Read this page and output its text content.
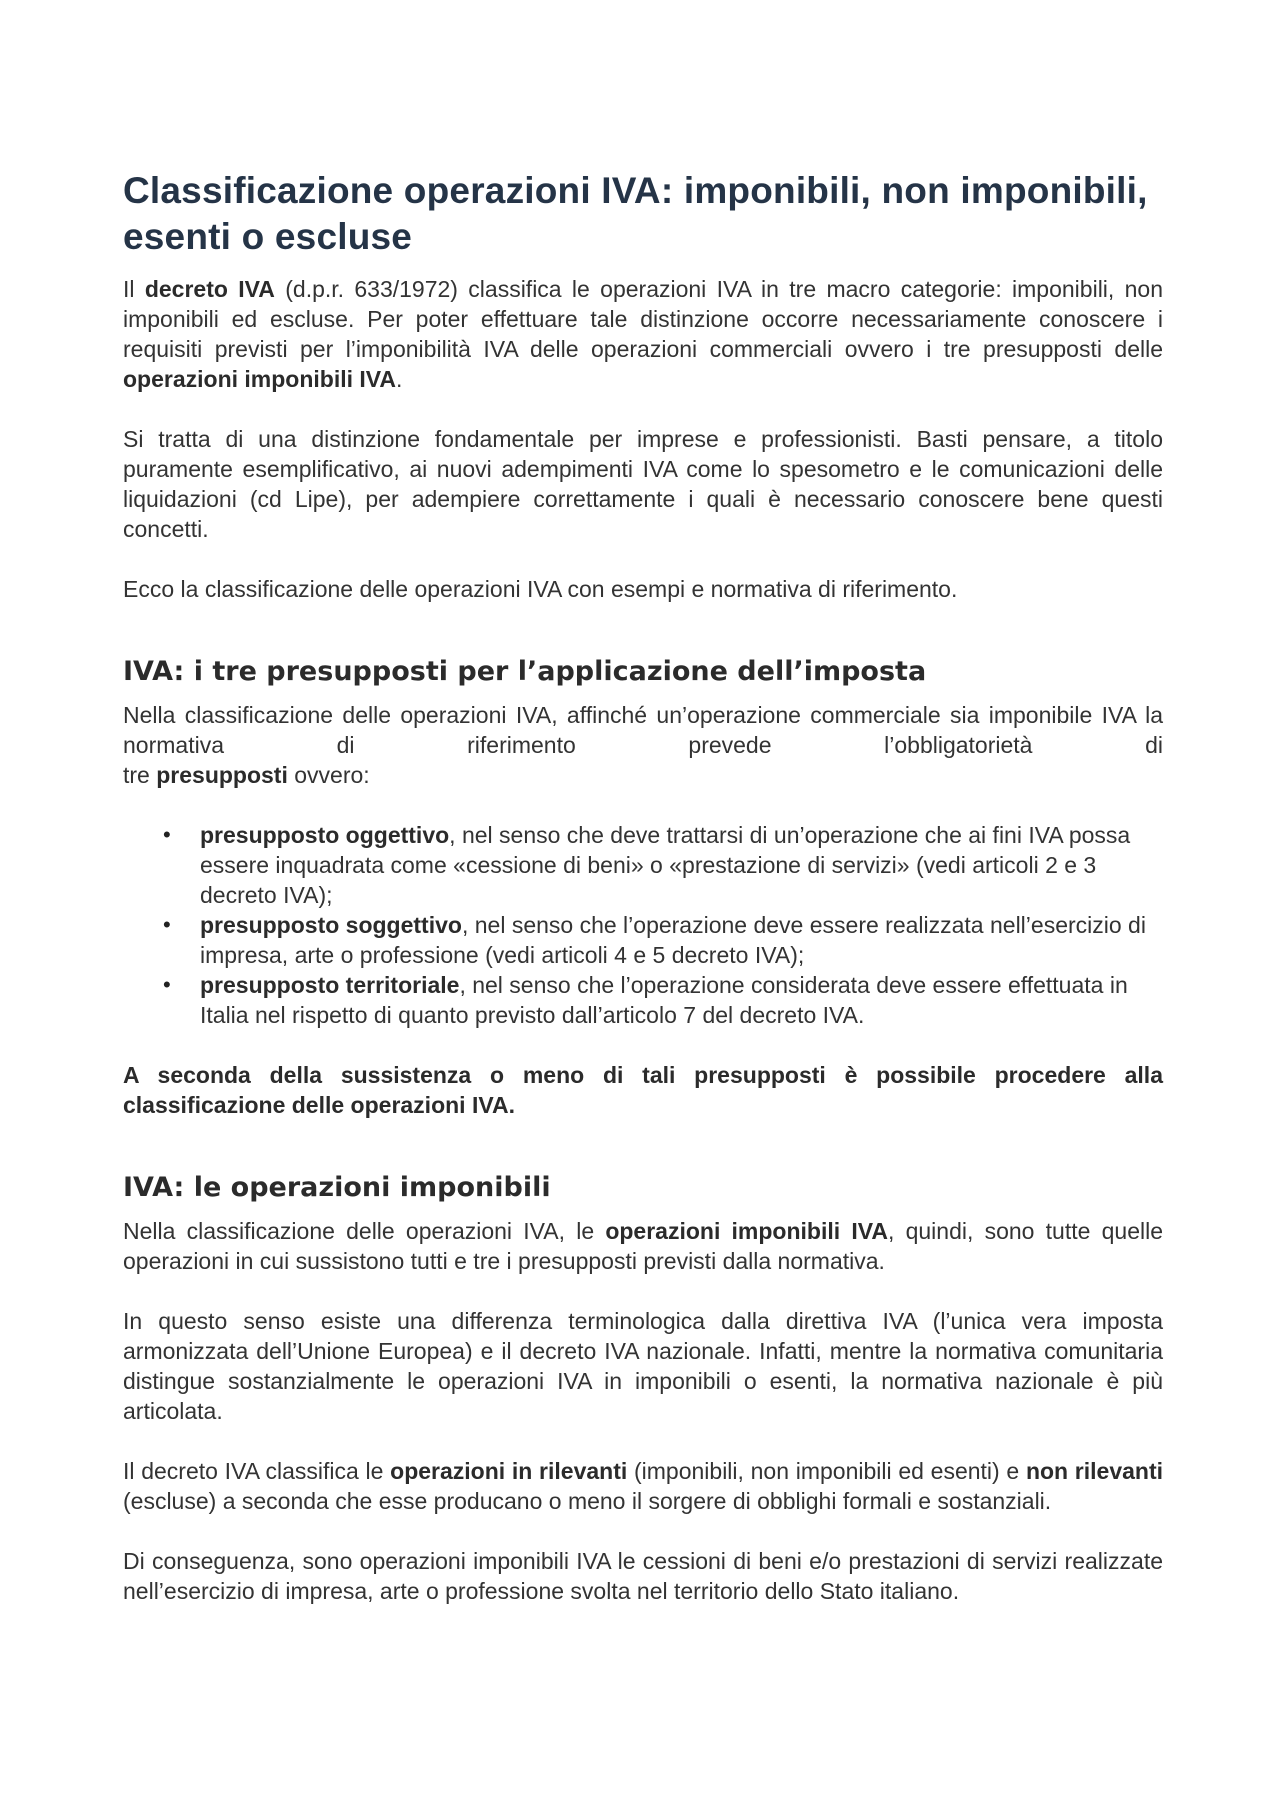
Classificazione operazioni IVA: imponibili, non imponibili, esenti o escluse

Il decreto IVA (d.p.r. 633/1972) classifica le operazioni IVA in tre macro categorie: imponibili, non imponibili ed escluse. Per poter effettuare tale distinzione occorre necessariamente conoscere i requisiti previsti per l’imponibilità IVA delle operazioni commerciali ovvero i tre presupposti delle operazioni imponibili IVA.

Si tratta di una distinzione fondamentale per imprese e professionisti. Basti pensare, a titolo puramente esemplificativo, ai nuovi adempimenti IVA come lo spesometro e le comunicazioni delle liquidazioni (cd Lipe), per adempiere correttamente i quali è necessario conoscere bene questi concetti.

Ecco la classificazione delle operazioni IVA con esempi e normativa di riferimento.

IVA: i tre presupposti per l’applicazione dell’imposta

Nella classificazione delle operazioni IVA, affinché un’operazione commerciale sia imponibile IVA la normativa di riferimento prevede l’obbligatorietà di
tre presupposti ovvero:

• presupposto oggettivo, nel senso che deve trattarsi di un’operazione che ai fini IVA possa essere inquadrata come «cessione di beni» o «prestazione di servizi» (vedi articoli 2 e 3 decreto IVA);
• presupposto soggettivo, nel senso che l’operazione deve essere realizzata nell’esercizio di impresa, arte o professione (vedi articoli 4 e 5 decreto IVA);
• presupposto territoriale, nel senso che l’operazione considerata deve essere effettuata in Italia nel rispetto di quanto previsto dall’articolo 7 del decreto IVA.

A seconda della sussistenza o meno di tali presupposti è possibile procedere alla classificazione delle operazioni IVA.

IVA: le operazioni imponibili

Nella classificazione delle operazioni IVA, le operazioni imponibili IVA, quindi, sono tutte quelle operazioni in cui sussistono tutti e tre i presupposti previsti dalla normativa.

In questo senso esiste una differenza terminologica dalla direttiva IVA (l’unica vera imposta armonizzata dell’Unione Europea) e il decreto IVA nazionale. Infatti, mentre la normativa comunitaria distingue sostanzialmente le operazioni IVA in imponibili o esenti, la normativa nazionale è più articolata.

Il decreto IVA classifica le operazioni in rilevanti (imponibili, non imponibili ed esenti) e non rilevanti (escluse) a seconda che esse producano o meno il sorgere di obblighi formali e sostanziali.

Di conseguenza, sono operazioni imponibili IVA le cessioni di beni e/o prestazioni di servizi realizzate nell’esercizio di impresa, arte o professione svolta nel territorio dello Stato italiano.
